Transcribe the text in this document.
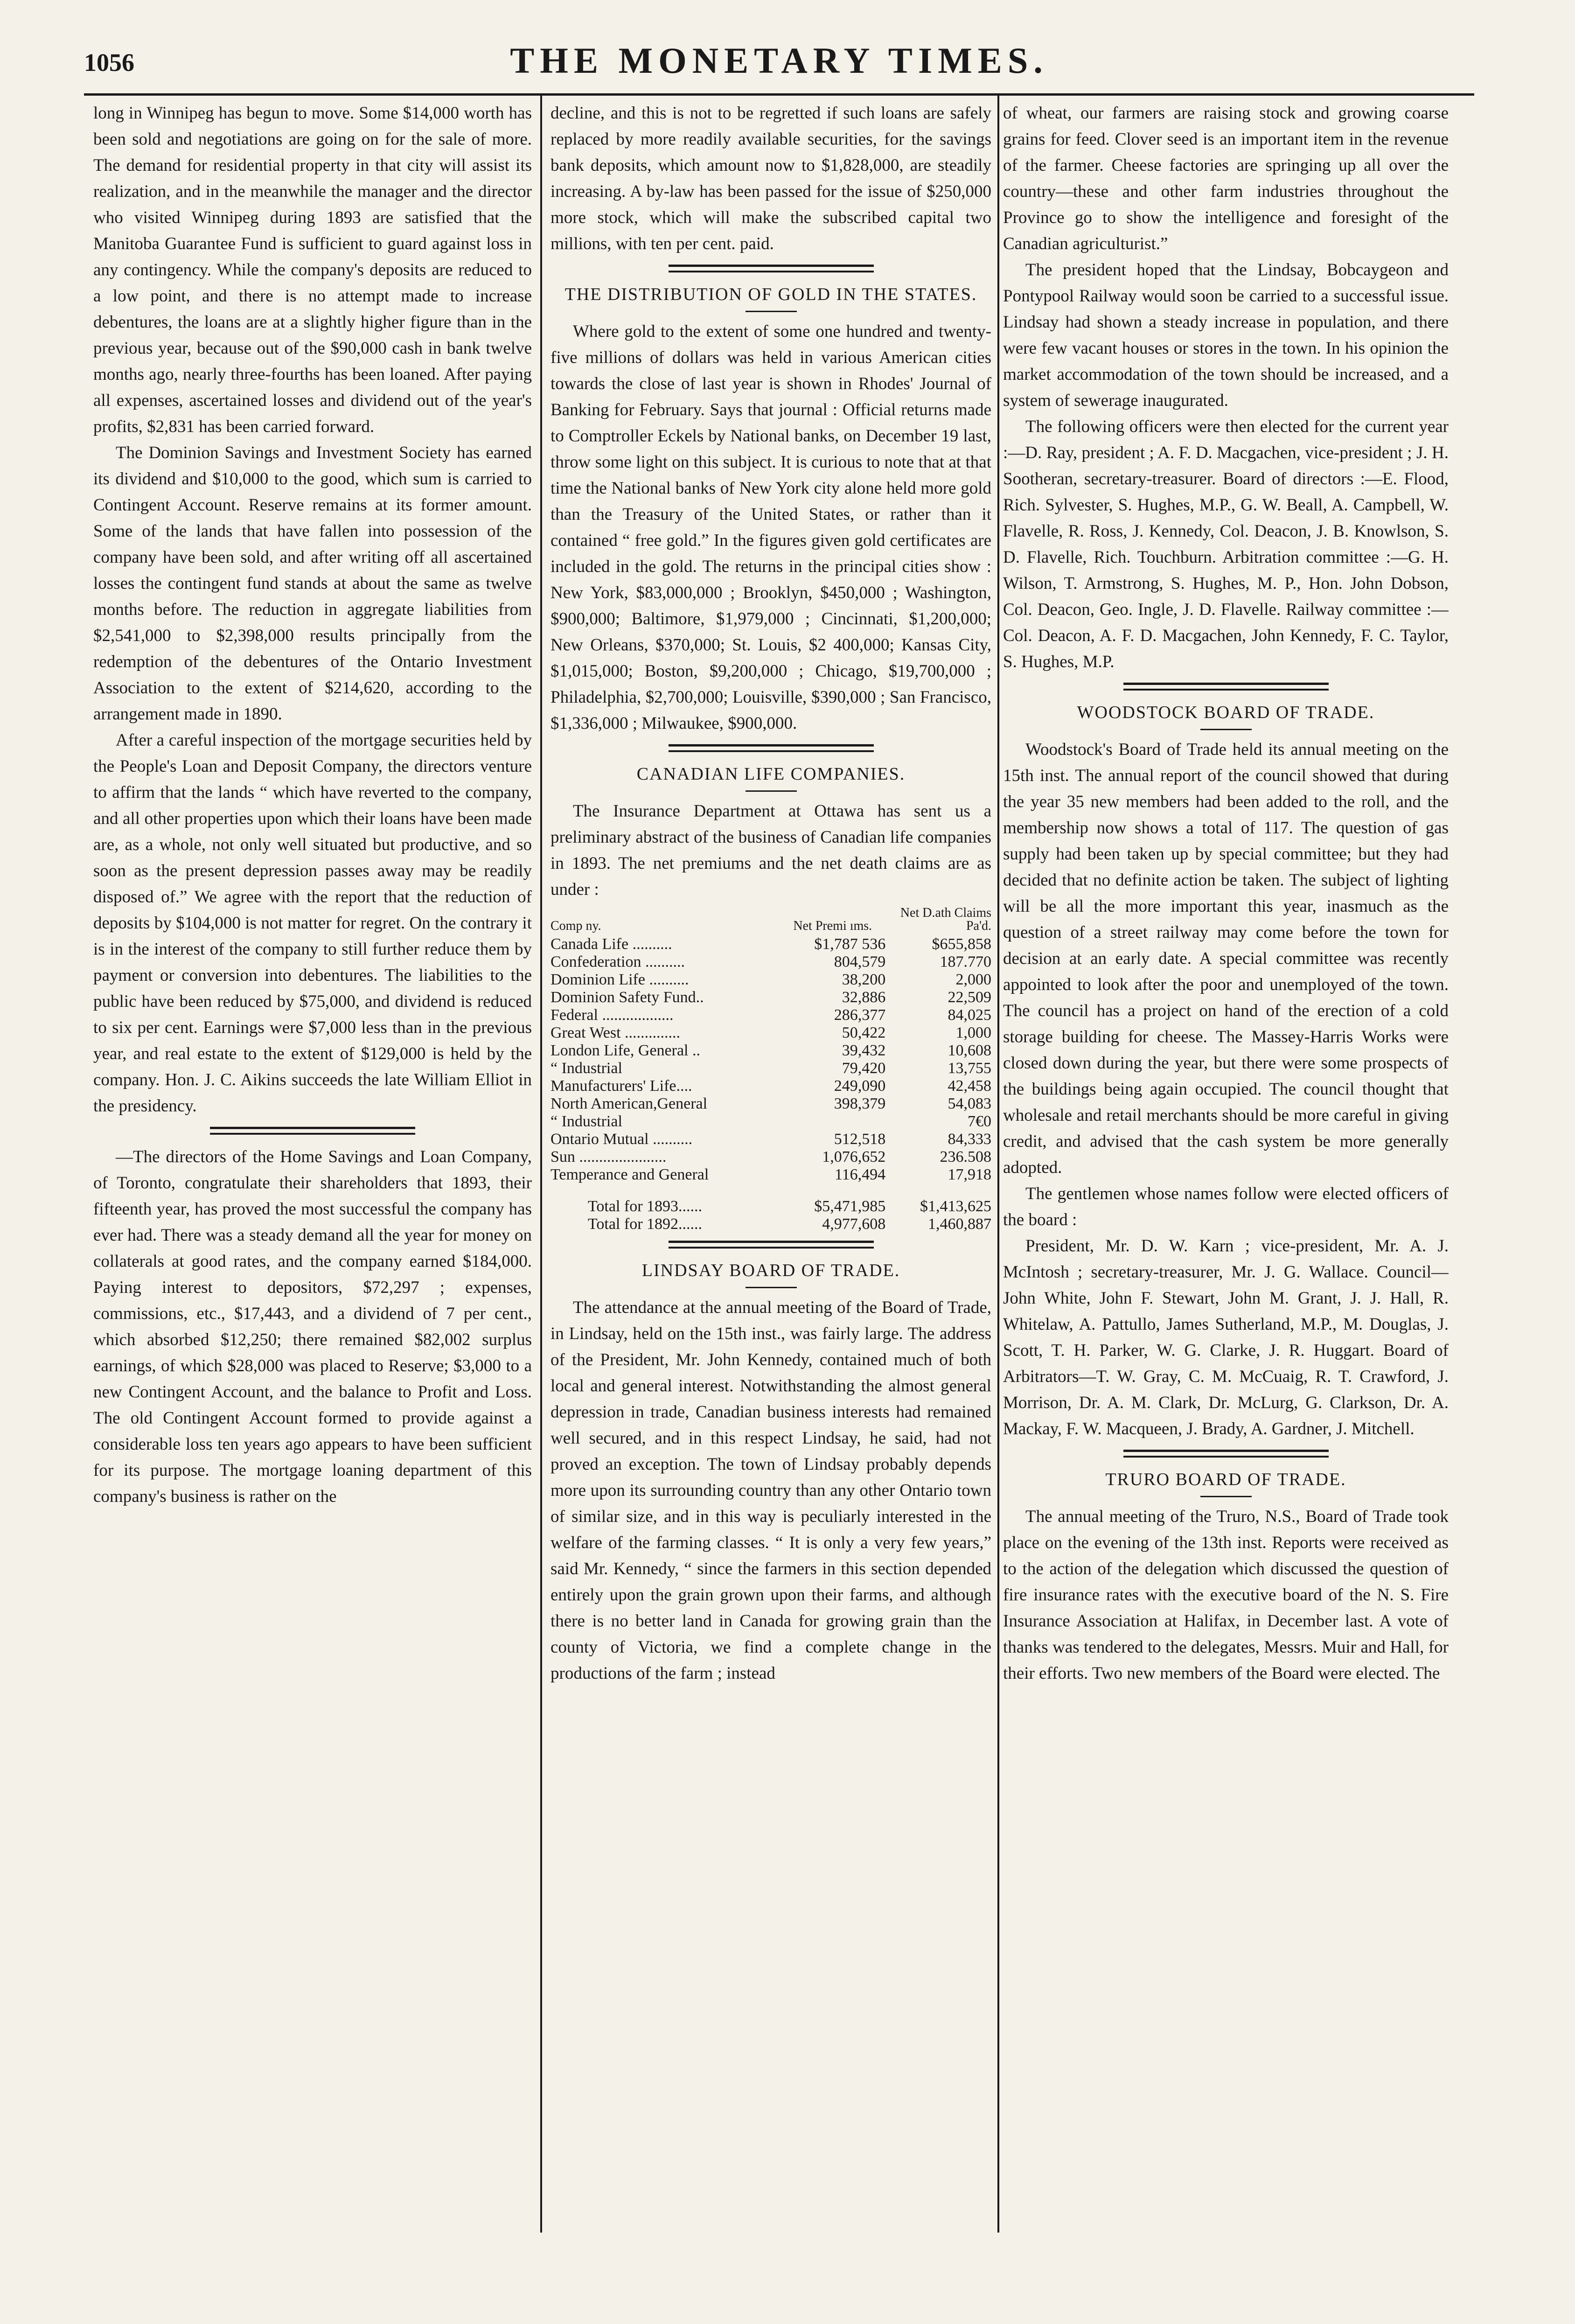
1056	THE MONETARY TIMES.

long in Winnipeg has begun to move. Some $14,000 worth has been sold and negotiations are going on for the sale of more. The demand for residential property in that city will assist its realization, and in the meanwhile the manager and the director who visited Winnipeg during 1893 are satisfied that the Manitoba Guarantee Fund is sufficient to guard against loss in any contingency. While the company's deposits are reduced to a low point, and there is no attempt made to increase debentures, the loans are at a slightly higher figure than in the previous year, because out of the $90,000 cash in bank twelve months ago, nearly three-fourths has been loaned. After paying all expenses, ascertained losses and dividend out of the year's profits, $2,831 has been carried forward.

The Dominion Savings and Investment Society has earned its dividend and $10,000 to the good, which sum is carried to Contingent Account. Reserve remains at its former amount. Some of the lands that have fallen into possession of the company have been sold, and after writing off all ascertained losses the contingent fund stands at about the same as twelve months before. The reduction in aggregate liabilities from $2,541,000 to $2,398,000 results principally from the redemption of the debentures of the Ontario Investment Association to the extent of $214,620, according to the arrangement made in 1890.

After a careful inspection of the mortgage securities held by the People's Loan and Deposit Company, the directors venture to affirm that the lands “ which have reverted to the company, and all other properties upon which their loans have been made are, as a whole, not only well situated but productive, and so soon as the present depression passes away may be readily disposed of.” We agree with the report that the reduction of deposits by $104,000 is not matter for regret. On the contrary it is in the interest of the company to still further reduce them by payment or conversion into debentures. The liabilities to the public have been reduced by $75,000, and dividend is reduced to six per cent. Earnings were $7,000 less than in the previous year, and real estate to the extent of $129,000 is held by the company. Hon. J. C. Aikins succeeds the late William Elliot in the presidency.

—The directors of the Home Savings and Loan Company, of Toronto, congratulate their shareholders that 1893, their fifteenth year, has proved the most successful the company has ever had. There was a steady demand all the year for money on collaterals at good rates, and the company earned $184,000. Paying interest to depositors, $72,297 ; expenses, commissions, etc., $17,443, and a dividend of 7 per cent., which absorbed $12,250; there remained $82,002 surplus earnings, of which $28,000 was placed to Reserve; $3,000 to a new Contingent Account, and the balance to Profit and Loss. The old Contingent Account formed to provide against a considerable loss ten years ago appears to have been sufficient for its purpose. The mortgage loaning department of this company's business is rather on the

decline, and this is not to be regretted if such loans are safely replaced by more readily available securities, for the savings bank deposits, which amount now to $1,828,000, are steadily increasing. A by-law has been passed for the issue of $250,000 more stock, which will make the subscribed capital two millions, with ten per cent. paid.

THE DISTRIBUTION OF GOLD IN THE STATES.

Where gold to the extent of some one hundred and twenty-five millions of dollars was held in various American cities towards the close of last year is shown in Rhodes' Journal of Banking for February. Says that journal : Official returns made to Comptroller Eckels by National banks, on December 19 last, throw some light on this subject. It is curious to note that at that time the National banks of New York city alone held more gold than the Treasury of the United States, or rather than it contained “ free gold.” In the figures given gold certificates are included in the gold. The returns in the principal cities show : New York, $83,000,000 ; Brooklyn, $450,000 ; Washington, $900,000; Baltimore, $1,979,000 ; Cincinnati, $1,200,000; New Orleans, $370,000; St. Louis, $2 400,000; Kansas City, $1,015,000; Boston, $9,200,000 ; Chicago, $19,700,000 ; Philadelphia, $2,700,000; Louisville, $390,000 ; San Francisco, $1,336,000 ; Milwaukee, $900,000.

CANADIAN LIFE COMPANIES.

The Insurance Department at Ottawa has sent us a preliminary abstract of the business of Canadian life companies in 1893. The net premiums and the net death claims are as under :

Comp ny.	Net Premi ıms.	Net D.ath Claims Pa'd.
Canada Life ..........	$1,787 536	$655,858
Confederation ..........	804,579	187.770
Dominion Life ..........	38,200	2,000
Dominion Safety Fund..	32,886	22,509
Federal ..................	286,377	84,025
Great West ..............	50,422	1,000
London Life, General ..	39,432	10,608
“ Industrial	79,420	13,755
Manufacturers' Life....	249,090	42,458
North American,General	398,379	54,083
“ Industrial		7€0
Ontario Mutual ..........	512,518	84,333
Sun ......................	1,076,652	236.508
Temperance and General	116,494	17,918
Total for 1893......	$5,471,985	$1,413,625
Total for 1892......	4,977,608	1,460,887
LINDSAY BOARD OF TRADE.

The attendance at the annual meeting of the Board of Trade, in Lindsay, held on the 15th inst., was fairly large. The address of the President, Mr. John Kennedy, contained much of both local and general interest. Notwithstanding the almost general depression in trade, Canadian business interests had remained well secured, and in this respect Lindsay, he said, had not proved an exception. The town of Lindsay probably depends more upon its surrounding country than any other Ontario town of similar size, and in this way is peculiarly interested in the welfare of the farming classes. “ It is only a very few years,” said Mr. Kennedy, “ since the farmers in this section depended entirely upon the grain grown upon their farms, and although there is no better land in Canada for growing grain than the county of Victoria, we find a complete change in the productions of the farm ; instead

of wheat, our farmers are raising stock and growing coarse grains for feed. Clover seed is an important item in the revenue of the farmer. Cheese factories are springing up all over the country—these and other farm industries throughout the Province go to show the intelligence and foresight of the Canadian agriculturist.”

The president hoped that the Lindsay, Bobcaygeon and Pontypool Railway would soon be carried to a successful issue. Lindsay had shown a steady increase in population, and there were few vacant houses or stores in the town. In his opinion the market accommodation of the town should be increased, and a system of sewerage inaugurated.

The following officers were then elected for the current year :—D. Ray, president ; A. F. D. Macgachen, vice-president ; J. H. Sootheran, secretary-treasurer. Board of directors :—E. Flood, Rich. Sylvester, S. Hughes, M.P., G. W. Beall, A. Campbell, W. Flavelle, R. Ross, J. Kennedy, Col. Deacon, J. B. Knowlson, S. D. Flavelle, Rich. Touchburn. Arbitration committee :—G. H. Wilson, T. Armstrong, S. Hughes, M. P., Hon. John Dobson, Col. Deacon, Geo. Ingle, J. D. Flavelle. Railway committee :—Col. Deacon, A. F. D. Macgachen, John Kennedy, F. C. Taylor, S. Hughes, M.P.

WOODSTOCK BOARD OF TRADE.

Woodstock's Board of Trade held its annual meeting on the 15th inst. The annual report of the council showed that during the year 35 new members had been added to the roll, and the membership now shows a total of 117. The question of gas supply had been taken up by special committee; but they had decided that no definite action be taken. The subject of lighting will be all the more important this year, inasmuch as the question of a street railway may come before the town for decision at an early date. A special committee was recently appointed to look after the poor and unemployed of the town. The council has a project on hand of the erection of a cold storage building for cheese. The Massey-Harris Works were closed down during the year, but there were some prospects of the buildings being again occupied. The council thought that wholesale and retail merchants should be more careful in giving credit, and advised that the cash system be more generally adopted.

The gentlemen whose names follow were elected officers of the board :

President, Mr. D. W. Karn ; vice-president, Mr. A. J. McIntosh ; secretary-treasurer, Mr. J. G. Wallace. Council—John White, John F. Stewart, John M. Grant, J. J. Hall, R. Whitelaw, A. Pattullo, James Sutherland, M.P., M. Douglas, J. Scott, T. H. Parker, W. G. Clarke, J. R. Huggart. Board of Arbitrators—T. W. Gray, C. M. McCuaig, R. T. Crawford, J. Morrison, Dr. A. M. Clark, Dr. McLurg, G. Clarkson, Dr. A. Mackay, F. W. Macqueen, J. Brady, A. Gardner, J. Mitchell.

TRURO BOARD OF TRADE.

The annual meeting of the Truro, N.S., Board of Trade took place on the evening of the 13th inst. Reports were received as to the action of the delegation which discussed the question of fire insurance rates with the executive board of the N. S. Fire Insurance Association at Halifax, in December last. A vote of thanks was tendered to the delegates, Messrs. Muir and Hall, for their efforts. Two new members of the Board were elected. The
